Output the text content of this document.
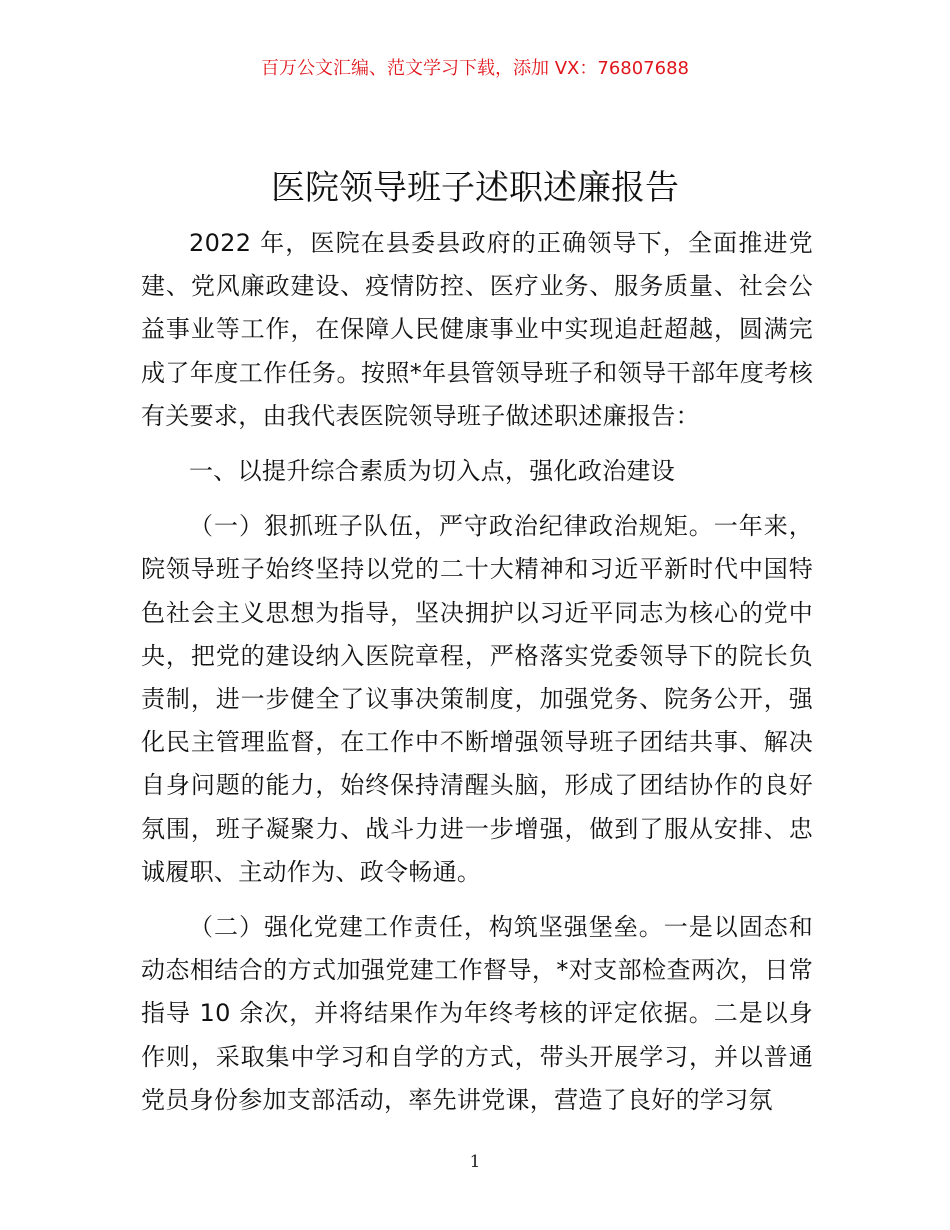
百万公文汇编、范文学习下载，添加 VX：76807688
医院领导班子述职述廉报告

2022 年，医院在县委县政府的正确领导下，全面推进党建、党风廉政建设、疫情防控、医疗业务、服务质量、社会公益事业等工作，在保障人民健康事业中实现追赶超越，圆满完成了年度工作任务。按照*年县管领导班子和领导干部年度考核有关要求，由我代表医院领导班子做述职述廉报告：

一、以提升综合素质为切入点，强化政治建设

（一）狠抓班子队伍，严守政治纪律政治规矩。一年来，院领导班子始终坚持以党的二十大精神和习近平新时代中国特色社会主义思想为指导，坚决拥护以习近平同志为核心的党中央，把党的建设纳入医院章程，严格落实党委领导下的院长负责制，进一步健全了议事决策制度，加强党务、院务公开，强化民主管理监督，在工作中不断增强领导班子团结共事、解决自身问题的能力，始终保持清醒头脑，形成了团结协作的良好氛围，班子凝聚力、战斗力进一步增强，做到了服从安排、忠诚履职、主动作为、政令畅通。

（二）强化党建工作责任，构筑坚强堡垒。一是以固态和动态相结合的方式加强党建工作督导，*对支部检查两次，日常指导 10 余次，并将结果作为年终考核的评定依据。二是以身作则，采取集中学习和自学的方式，带头开展学习，并以普通党员身份参加支部活动，率先讲党课，营造了良好的学习氛

1
